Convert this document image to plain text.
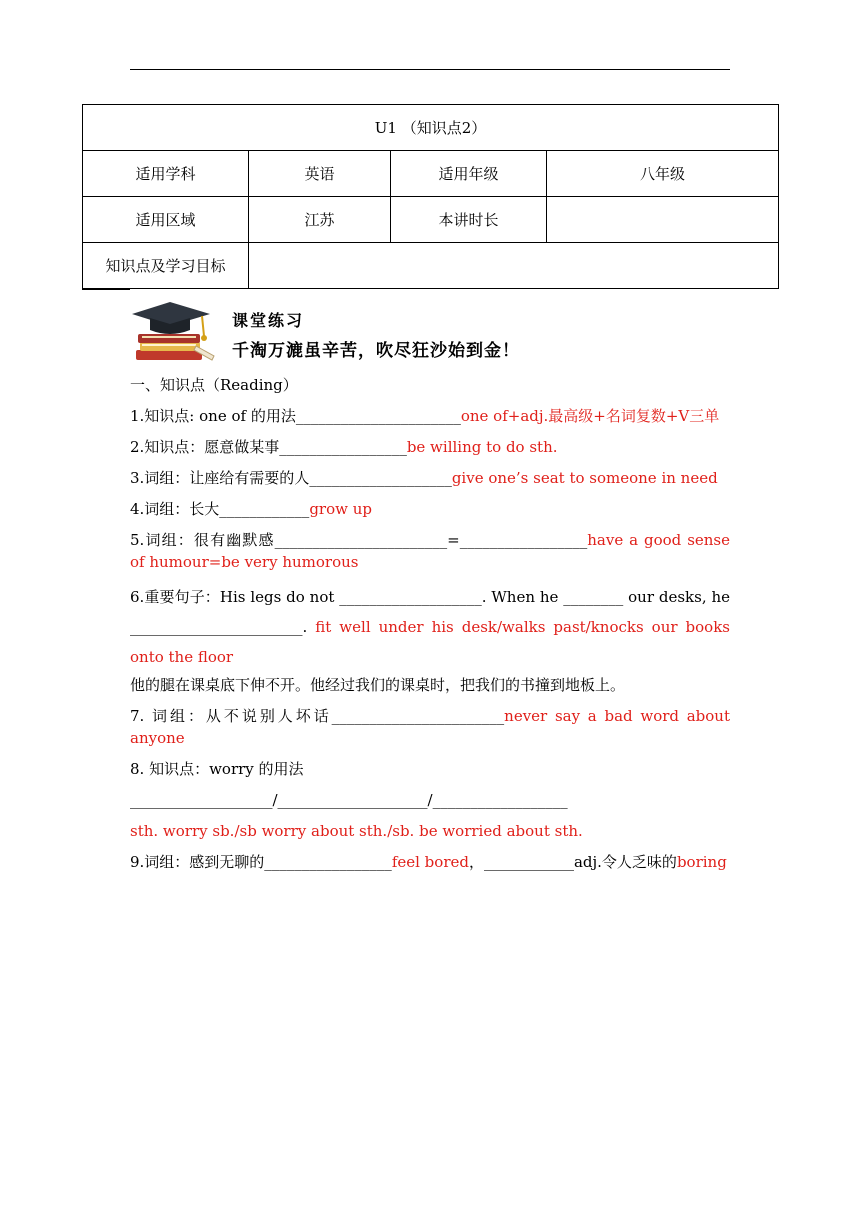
U1 （知识点2）			
适用学科	英语	适用年级	八年级
适用区域	江苏	本讲时长	
知识点及学习目标			
课堂练习
千淘万漉虽辛苦，吹尽狂沙始到金！

一、知识点（Reading）

1.知识点: one of 的用法______________________one of+adj.最高级+名词复数+V三单

2.知识点：愿意做某事_________________be willing to do sth.

3.词组：让座给有需要的人___________________give one’s seat to someone in need

4.词组：长大____________grow up

5.词组：很有幽默感_______________________=_________________have a good sense of humour=be very humorous

6.重要句子：His legs do not ___________________. When he ________ our desks, he _______________________. fit well under his desk/walks past/knocks our books onto the floor

他的腿在课桌底下伸不开。他经过我们的课桌时，把我们的书撞到地板上。

7. 词组：从不说别人坏话_______________________never say a bad word about anyone

8. 知识点：worry 的用法

___________________/____________________/__________________

sth. worry sb./sb worry about sth./sb. be worried about sth.

9.词组：感到无聊的_________________feel bored，____________adj.令人乏味的boring
